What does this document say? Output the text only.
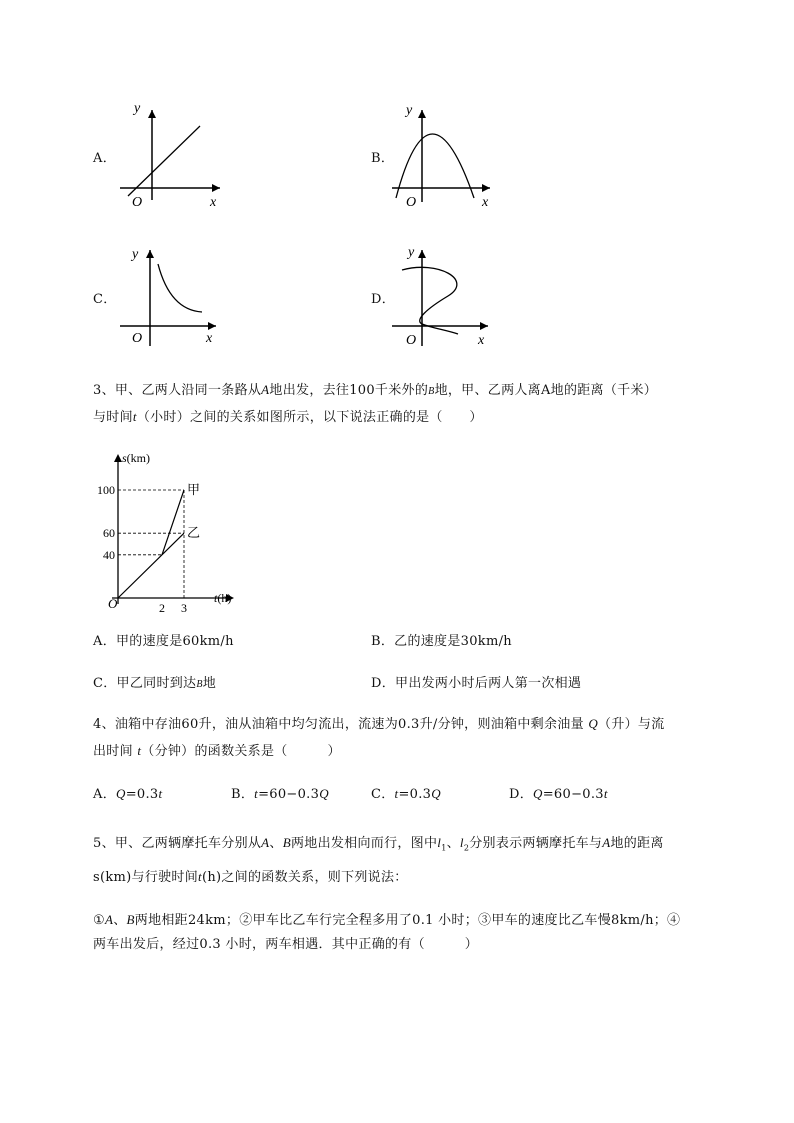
A．
y
x
O
B．
y
x
O
C．
y
x
O
D．
y
x
O
3、甲、乙两人沿同一条路从A地出发，去往100千米外的B地，甲、乙两人离A地的距离（千米）
与时间t（小时）之间的关系如图所示，以下说法正确的是（　　）
40
60
100
2 3
甲
乙
s(km)
t(h)
O
A．甲的速度是60km/h	B．乙的速度是30km/h
C．甲乙同时到达B地	D．甲出发两小时后两人第一次相遇
4、油箱中存油60升，油从油箱中均匀流出，流速为0.3升/分钟，则油箱中剩余油量 Q（升）与流
出时间 t（分钟）的函数关系是（　　　）
A．Q=0.3t	B．t=60−0.3Q	C．t=0.3Q	D．Q=60−0.3t
5、甲、乙两辆摩托车分别从A、B两地出发相向而行，图中$l_1$、$l_2$分别表示两辆摩托车与A地的距离
s(km)与行驶时间t(h)之间的函数关系，则下列说法：
①A、B两地相距24km；②甲车比乙车行完全程多用了0.1 小时；③甲车的速度比乙车慢8km/h；④
两车出发后，经过0.3 小时，两车相遇．其中正确的有（　　　）
